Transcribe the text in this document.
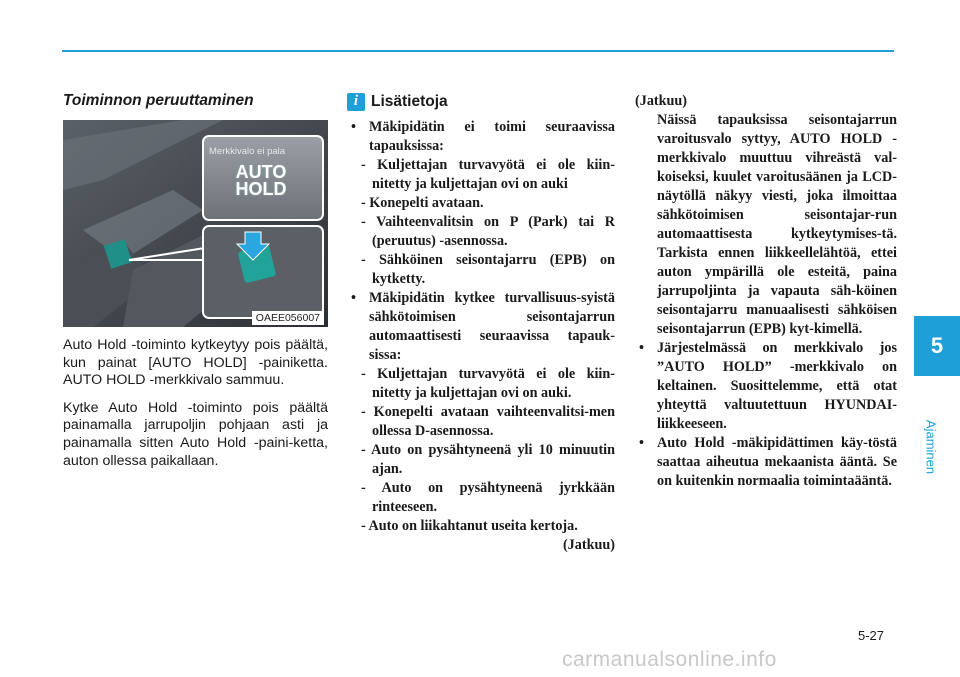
5
Ajaminen
Toiminnon peruuttaminen
Merkkivalo ei pala
AUTO HOLD
OAEE056007

Auto Hold -toiminto kytkeytyy pois päältä, kun painat [AUTO HOLD] -painiketta. AUTO HOLD -merkkivalo sammuu.

Kytke Auto Hold -toiminto pois päältä painamalla jarrupoljin pohjaan asti ja painamalla sitten Auto Hold -paini-ketta, auton ollessa paikallaan.

i Lisätietoja

• Mäkipidätin ei toimi seuraavissa tapauksissa:

- Kuljettajan turvavyötä ei ole kiin-nitetty ja kuljettajan ovi on auki

- Konepelti avataan.

- Vaihteenvalitsin on P (Park) tai R (peruutus) -asennossa.

- Sähköinen seisontajarru (EPB) on kytketty.

• Mäkipidätin kytkee turvallisuus-syistä sähkötoimisen seisontajarrun automaattisesti seuraavissa tapauk-sissa:

- Kuljettajan turvavyötä ei ole kiin-nitetty ja kuljettajan ovi on auki.

- Konepelti avataan vaihteenvalitsi-men ollessa D-asennossa.

- Auto on pysähtyneenä yli 10 minuutin ajan.

- Auto on pysähtyneenä jyrkkään rinteeseen.

- Auto on liikahtanut useita kertoja.

(Jatkuu)

(Jatkuu)

Näissä tapauksissa seisontajarrun varoitusvalo syttyy, AUTO HOLD -merkkivalo muuttuu vihreästä val-koiseksi, kuulet varoitusäänen ja LCD-näytöllä näkyy viesti, joka ilmoittaa sähkötoimisen seisontajar-run automaattisesta kytkeytymises-tä. Tarkista ennen liikkeellelähtöä, ettei auton ympärillä ole esteitä, paina jarrupoljinta ja vapauta säh-köinen seisontajarru manuaalisesti sähköisen seisontajarrun (EPB) kyt-kimellä.

• Järjestelmässä on merkkivalo jos ”AUTO HOLD” -merkkivalo on keltainen. Suosittelemme, että otat yhteyttä valtuutettuun HYUNDAI-liikkeeseen.

• Auto Hold -mäkipidättimen käy-töstä saattaa aiheutua mekaanista ääntä. Se on kuitenkin normaalia toimintaääntä.

5-27
carmanualsonline.info
